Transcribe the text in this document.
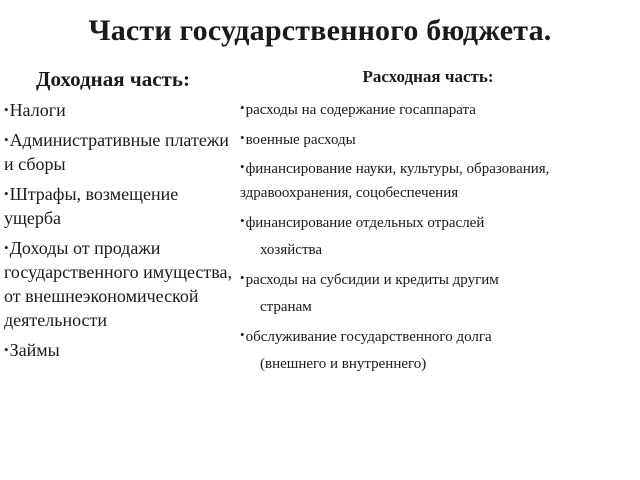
Части государственного бюджета.
Доходная часть:
•Налоги
•Административные платежи и сборы
•Штрафы, возмещение ущерба
•Доходы от продажи государственного имущества, от внешнеэкономической деятельности
•Займы
Расходная часть:
•расходы на содержание госаппарата
•военные расходы
•финансирование науки, культуры, образования, здравоохранения, соцобеспечения
•финансирование отдельных отраслей
хозяйства
•расходы на субсидии и кредиты другим
странам
•обслуживание государственного долга
(внешнего и внутреннего)
